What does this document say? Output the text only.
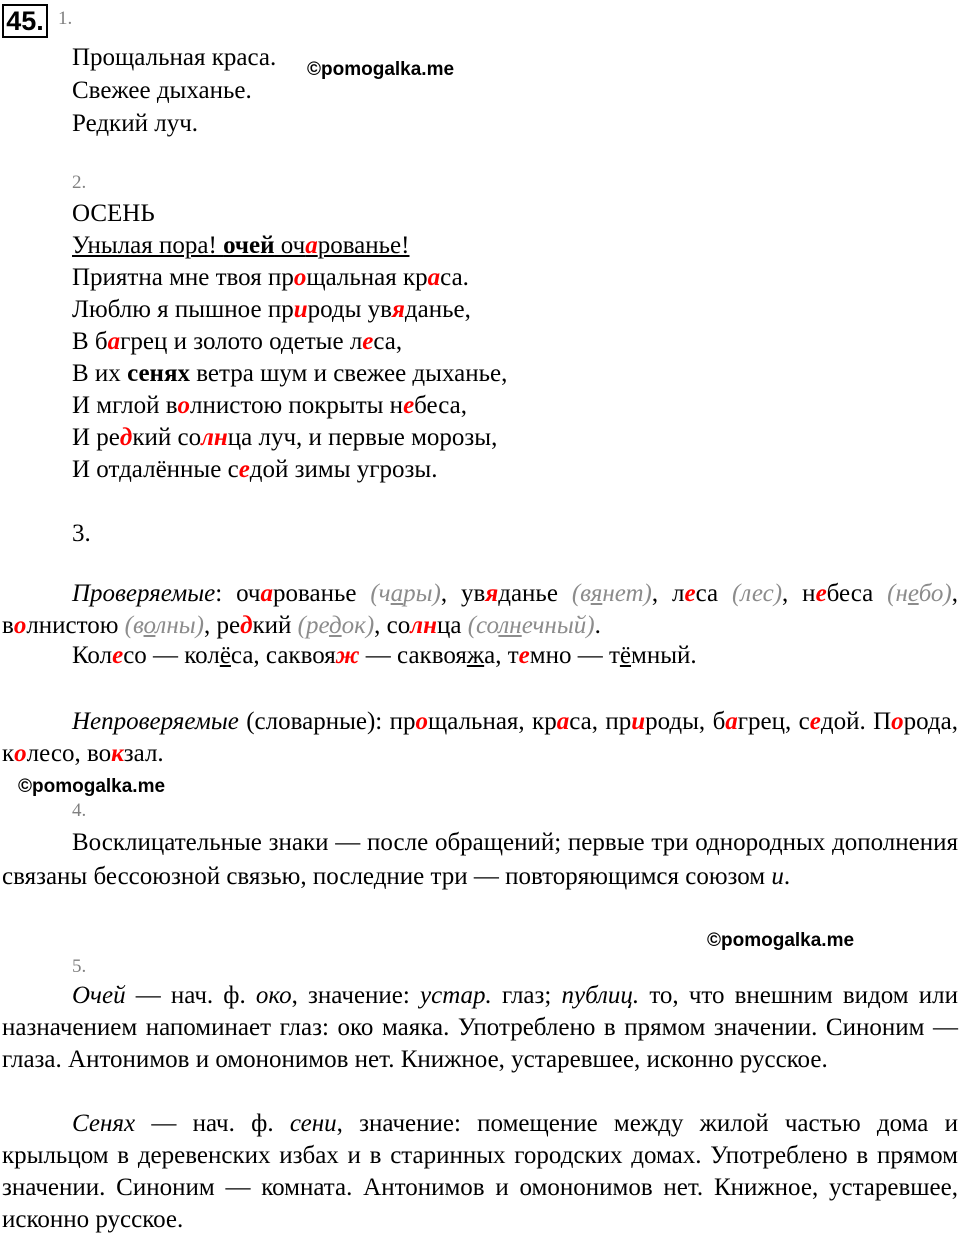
45. 1.
Прощальная краса. ©pomogalka.me
Свежее дыханье.
Редкий луч.
2.
ОСЕНЬ
Унылая пора! очей очарованье!
Приятна мне твоя прощальная краса.
Люблю я пышное природы увяданье,
В багрец и золото одетые леса,
В их сенях ветра шум и свежее дыханье,
И мглой волнистою покрыты небеса,
И редкий солнца луч, и первые морозы,
И отдалённые седой зимы угрозы.
3.
Проверяемые: очарованье (чары), увяданье (вянет), леса (лес), небеса (небо), волнистою (волны), редкий (редок), солнца (солнечный).
Колесо — колёса, саквояж — саквояжа, темно — тёмный.
Непроверяемые (словарные): прощальная, краса, природы, багрец, седой. Порода, колесо, вокзал.
©pomogalka.me
4.
Восклицательные знаки — после обращений; первые три однородных дополнения связаны бессоюзной связью, последние три — повторяющимся союзом и.
©pomogalka.me
5.
Очей — нач. ф. око, значение: устар. глаз; публиц. то, что внешним видом или назначением напоминает глаз: око маяка. Употреблено в прямом значении. Синоним — глаза. Антонимов и омононимов нет. Книжное, устаревшее, исконно русское.
Сенях — нач. ф. сени, значение: помещение между жилой частью дома и крыльцом в деревенских избах и в старинных городских домах. Употреблено в прямом значении. Синоним — комната. Антонимов и омононимов нет. Книжное, устаревшее, исконно русское.
